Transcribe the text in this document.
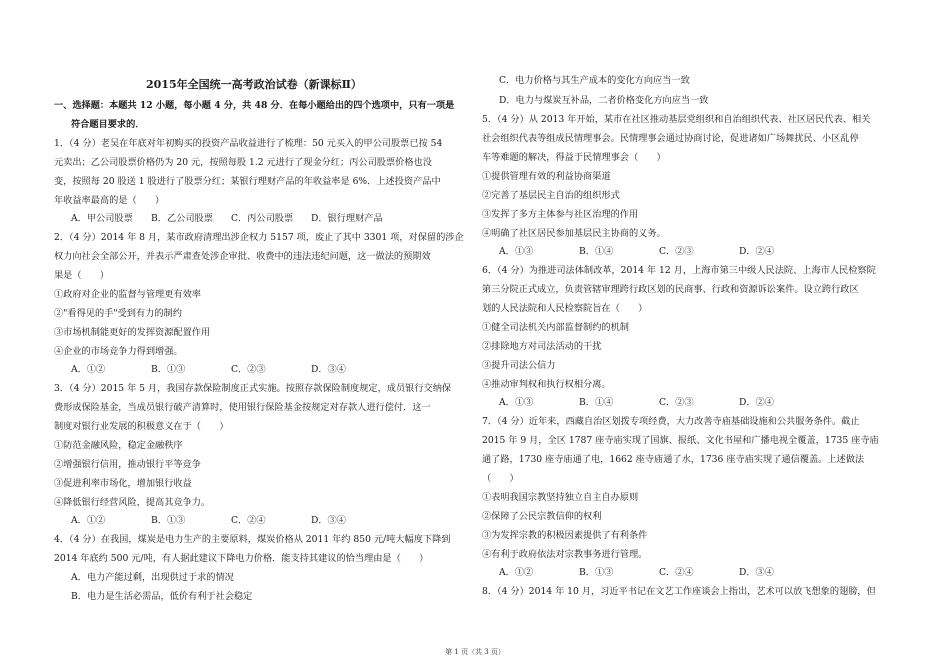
2015年全国统一高考政治试卷（新课标Ⅱ）
一、选择题：本题共 12 小题，每小题 4 分，共 48 分．在每小题给出的四个选项中，只有一项是
符合题目要求的．
1．（4 分）老吴在年底对年初购买的投资产品收益进行了梳理：50 元买入的甲公司股票已按 54
元卖出；乙公司股票价格仍为 20 元，按照每股 1.2 元进行了现金分红；丙公司股票价格也没
变，按照每 20 股送 1 股进行了股票分红；某银行理财产品的年收益率是 6%．上述投资产品中
年收益率最高的是（　　）
A．甲公司股票 B．乙公司股票 C．丙公司股票 D．银行理财产品
2．（4 分）2014 年 8 月，某市政府清理出涉企权力 5157 项，废止了其中 3301 项，对保留的涉企
权力向社会全部公开，并表示严肃查处涉企审批、收费中的违法违纪问题，这一做法的预期效
果是（　　）
①政府对企业的监督与管理更有效率
②"看得见的手"受到有力的制约
③市场机制能更好的发挥资源配置作用
④企业的市场竞争力得到增强。
A．①②	B．①③	C．②③	D．③④
3．（4 分）2015 年 5 月，我国存款保险制度正式实施。按照存款保险制度规定，成员银行交纳保
费形成保险基金，当成员银行破产清算时，使用银行保险基金按规定对存款人进行偿付．这一
制度对银行业发展的积极意义在于（　　）
①防范金融风险，稳定金融秩序
②增强银行信用，推动银行平等竞争
③促进利率市场化，增加银行收益
④降低银行经营风险，提高其竞争力。
A．①②	B．①③	C．②④	D．③④
4．（4 分）在我国，煤炭是电力生产的主要原料，煤炭价格从 2011 年约 850 元/吨大幅度下降到
2014 年底约 500 元/吨，有人据此建议下降电力价格．能支持其建议的恰当理由是（　　）
A．电力产能过剩，出现供过于求的情况
B．电力是生活必需品，低价有利于社会稳定
C．电力价格与其生产成本的变化方向应当一致
D．电力与煤炭互补品，二者价格变化方向应当一致
5．（4 分）从 2013 年开始，某市在社区推动基层党组织和自治组织代表、社区居民代表、相关
社会组织代表等组成民情理事会。民情理事会通过协商讨论，促进诸如广场舞扰民、小区乱停
车等难题的解决，得益于民情理事会（　　）
①提供管理有效的利益协商渠道
②完善了基层民主自治的组织形式
③发挥了多方主体参与社区治理的作用
④明确了社区居民参加基层民主协商的义务。
A．①③	B．①④	C．②③	D．②④
6．（4 分）为推进司法体制改革，2014 年 12 月，上海市第三中级人民法院、上海市人民检察院
第三分院正式成立，负责管辖审理跨行政区划的民商事、行政和资源诉讼案件。设立跨行政区
划的人民法院和人民检察院旨在（　　）
①健全司法机关内部监督制约的机制
②排除地方对司法活动的干扰
③提升司法公信力
④推动审判权和执行权相分离。
A．①③	B．①④	C．②③	D．②④
7．（4 分）近年来，西藏自治区划拨专项经费，大力改善寺庙基础设施和公共服务条件。截止
2015 年 9 月，全区 1787 座寺庙实现了国旗、报纸、文化书屋和广播电视全覆盖，1735 座寺庙
通了路，1730 座寺庙通了电，1662 座寺庙通了水，1736 座寺庙实现了通信覆盖。上述做法
（　　）
①表明我国宗教坚持独立自主自办原则
②保障了公民宗教信仰的权利
③为发挥宗教的积极因素提供了有利条件
④有利于政府依法对宗教事务进行管理。
A．①②	B．①③	C．②④	D．③④
8．（4 分）2014 年 10 月，习近平书记在文艺工作座谈会上指出，艺术可以放飞想象的翅膀，但
第 1 页（共 3 页）
